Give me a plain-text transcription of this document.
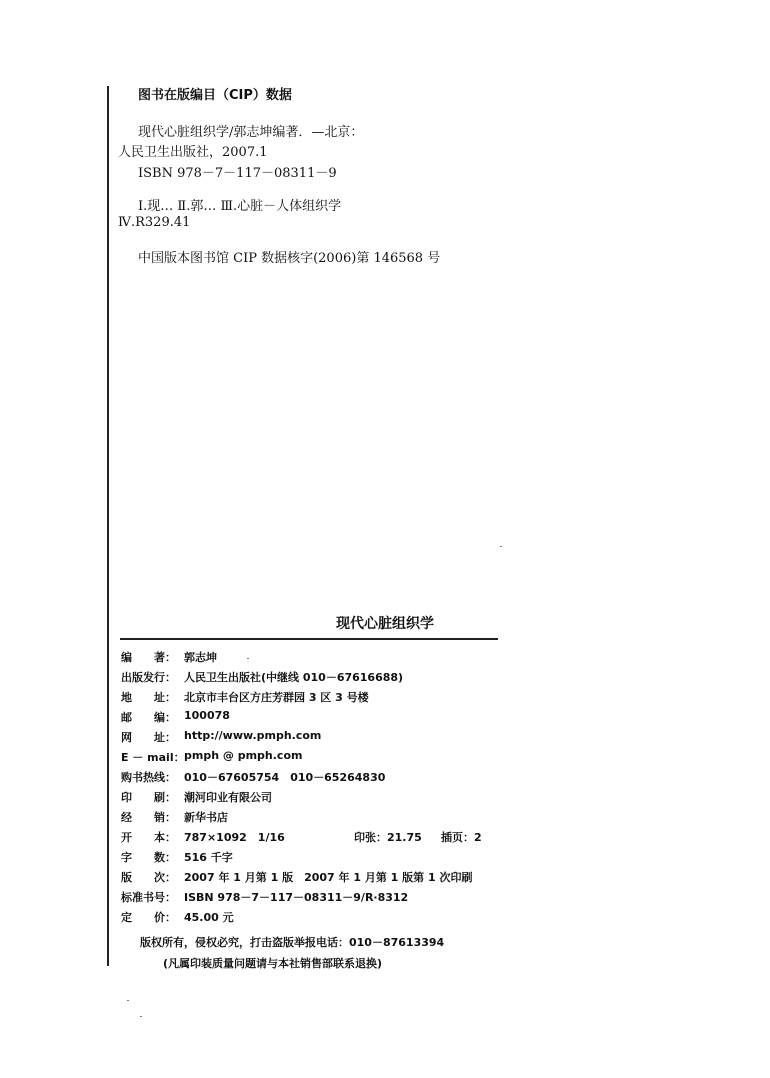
图书在版编目（CIP）数据
现代心脏组织学/郭志坤编著．—北京：
人民卫生出版社，2007.1
ISBN 978－7－117－08311－9
Ⅰ.现… Ⅱ.郭… Ⅲ.心脏－人体组织学
Ⅳ.R329.41
中国版本图书馆 CIP 数据核字(2006)第 146568 号
现代心脏组织学
编　　著： 郭志坤
出版发行： 人民卫生出版社(中继线 010－67616688)
地　　址： 北京市丰台区方庄芳群园 3 区 3 号楼
邮　　编： 100078
网　　址： http://www.pmph.com
E － mail： pmph @ pmph.com
购书热线： 010－67605754　010－65264830
印　　刷： 潮河印业有限公司
经　　销： 新华书店
开　　本： 787×1092　1/16	印张：21.75 插页：2
字　　数： 516 千字
版　　次： 2007 年 1 月第 1 版　2007 年 1 月第 1 版第 1 次印刷
标准书号： ISBN 978－7－117－08311－9/R·8312
定　　价： 45.00 元
版权所有，侵权必究，打击盗版举报电话：010－87613394
(凡属印装质量问题请与本社销售部联系退换)
